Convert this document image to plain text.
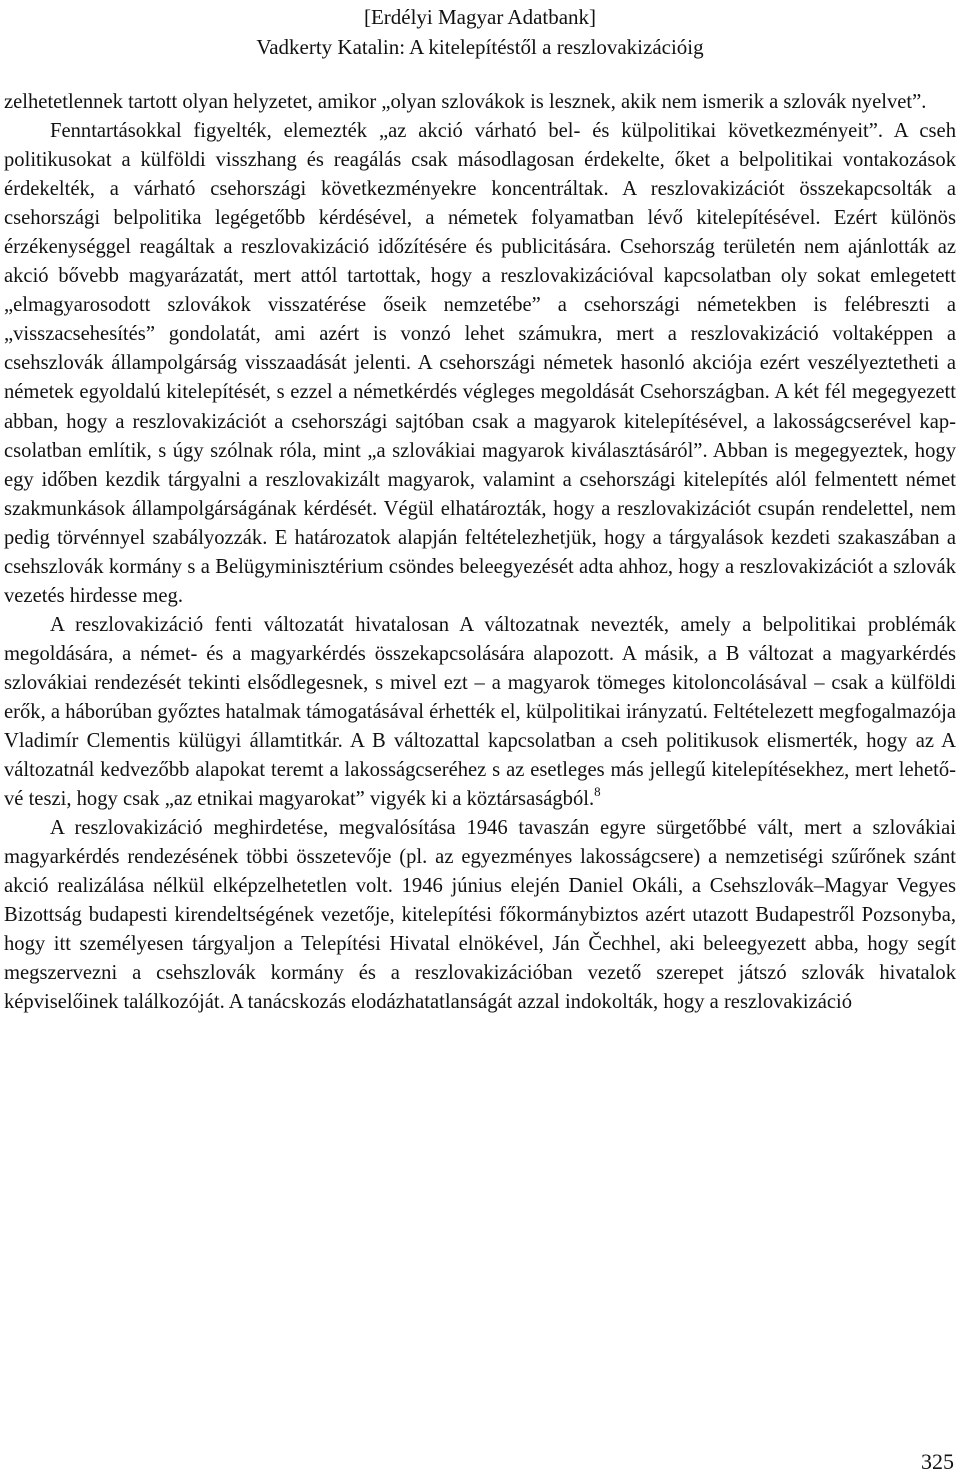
[Erdélyi Magyar Adatbank]
Vadkerty Katalin: A kitelepítéstől a reszlovakizációig

zelhetetlennek tartott olyan helyzetet, amikor „olyan szlovákok is lesznek, akik nem ismerik a szlovák nyelvet”.

Fenntartásokkal figyelték, elemezték „az akció várható bel- és külpolitikai következményeit”. A cseh politikusokat a külföldi visszhang és reagálás csak másodlagosan érdekelte, őket a belpolitikai vontakozások érdekelték, a várható csehországi következményekre koncentráltak. A reszlovakizációt összekapcsolták a csehországi belpolitika legégetőbb kérdésével, a németek folyamatban lévő kitelepítésével. Ezért különös érzékenységgel reagáltak a reszlovakizáció időzítésére és publicitására. Csehország területén nem ajánlották az akció bővebb magyarázatát, mert attól tartottak, hogy a reszlovakizációval kapcsolatban oly sokat emlegetett „elmagyarosodott szlovákok visszatérése őseik nemzetébe” a csehországi németekben is felébreszti a „visszacsehesítés” gondolatát, ami azért is vonzó lehet számukra, mert a reszlovakizáció voltaképpen a csehszlovák állampolgárság visszaadását jelenti. A csehországi németek hasonló akciója ezért veszélyeztetheti a németek egyoldalú kitelepítését, s ezzel a németkérdés végleges megoldását Csehországban. A két fél megegyezett abban, hogy a reszlovakizációt a csehországi sajtóban csak a magyarok kitelepítésével, a lakosságcserével kapcsolatban említik, s úgy szólnak róla, mint „a szlovákiai magyarok kiválasztásáról”. Abban is megegyeztek, hogy egy időben kezdik tárgyalni a reszlovakizált magyarok, valamint a csehországi kitelepítés alól felmentett német szakmunkások állampolgárságának kérdését. Végül elhatározták, hogy a reszlovakizációt csupán rendelettel, nem pedig törvénnyel szabályozzák. E határozatok alapján feltételezhetjük, hogy a tárgyalások kezdeti szakaszában a csehszlovák kormány s a Belügyminisztérium csöndes beleegyezését adta ahhoz, hogy a reszlovakizációt a szlovák vezetés hirdesse meg.

A reszlovakizáció fenti változatát hivatalosan A változatnak nevezték, amely a belpolitikai problémák megoldására, a német- és a magyarkérdés összekapcsolására alapozott. A másik, a B változat a magyarkérdés szlovákiai rendezését tekinti elsődlegesnek, s mivel ezt – a magyarok tömeges kitoloncolásával – csak a külföldi erők, a háborúban győztes hatalmak támogatásával érhették el, külpolitikai irányzatú. Feltételezett megfogalmazója Vladimír Clementis külügyi államtitkár. A B változattal kapcsolatban a cseh politikusok elismerték, hogy az A változatnál kedvezőbb alapokat teremt a lakosságcseréhez s az esetleges más jellegű kitelepítésekhez, mert lehetővé teszi, hogy csak „az etnikai magyarokat” vigyék ki a köztársaságból.$^8$

A reszlovakizáció meghirdetése, megvalósítása 1946 tavaszán egyre sürgetőbbé vált, mert a szlovákiai magyarkérdés rendezésének többi összetevője (pl. az egyezményes lakosságcsere) a nemzetiségi szűrőnek szánt akció realizálása nélkül elképzelhetetlen volt. 1946 június elején Daniel Okáli, a Csehszlovák–Magyar Vegyes Bizottság budapesti kirendeltségének vezetője, kitelepítési főkormánybiztos azért utazott Budapestről Pozsonyba, hogy itt személyesen tárgyaljon a Telepítési Hivatal elnökével, Ján Čechhel, aki beleegyezett abba, hogy segít megszervezni a csehszlovák kormány és a reszlovakizációban vezető szerepet játszó szlovák hivatalok képviselőinek találkozóját. A tanácskozás elodázhatatlanságát azzal indokolták, hogy a reszlovakizáció

325
